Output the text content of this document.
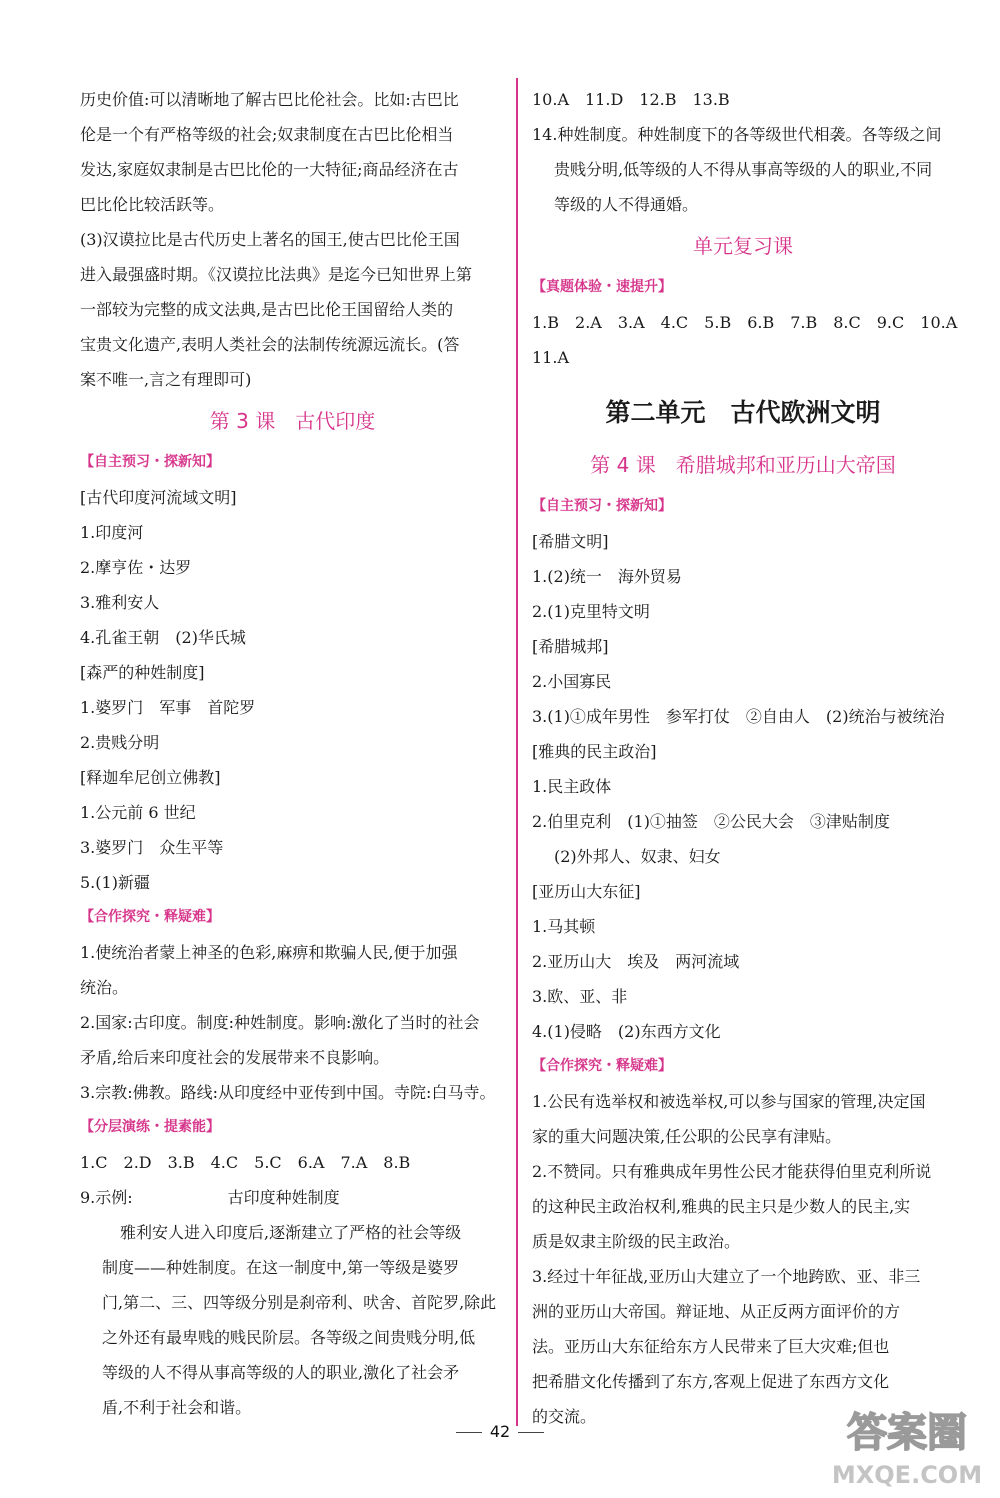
历史价值:可以清晰地了解古巴比伦社会。比如:古巴比
伦是一个有严格等级的社会;奴隶制度在古巴比伦相当
发达,家庭奴隶制是古巴比伦的一大特征;商品经济在古
巴比伦比较活跃等。
(3)汉谟拉比是古代历史上著名的国王,使古巴比伦王国
进入最强盛时期。《汉谟拉比法典》是迄今已知世界上第
一部较为完整的成文法典,是古巴比伦王国留给人类的
宝贵文化遗产,表明人类社会的法制传统源远流长。(答
案不唯一,言之有理即可)
第 3 课　古代印度
【自主预习・探新知】
[古代印度河流域文明]
1.印度河
2.摩亨佐・达罗
3.雅利安人
4.孔雀王朝　(2)华氏城
[森严的种姓制度]
1.婆罗门　军事　首陀罗
2.贵贱分明
[释迦牟尼创立佛教]
1.公元前 6 世纪
3.婆罗门　众生平等
5.(1)新疆
【合作探究・释疑难】
1.使统治者蒙上神圣的色彩,麻痹和欺骗人民,便于加强
统治。
2.国家:古印度。制度:种姓制度。影响:激化了当时的社会
矛盾,给后来印度社会的发展带来不良影响。
3.宗教:佛教。路线:从印度经中亚传到中国。寺院:白马寺。
【分层演练・提素能】
1.C　2.D　3.B　4.C　5.C　6.A　7.A　8.B
9.示例:	古印度种姓制度
雅利安人进入印度后,逐渐建立了严格的社会等级
制度——种姓制度。在这一制度中,第一等级是婆罗
门,第二、三、四等级分别是刹帝利、吠舍、首陀罗,除此
之外还有最卑贱的贱民阶层。各等级之间贵贱分明,低
等级的人不得从事高等级的人的职业,激化了社会矛
盾,不利于社会和谐。
10.A　11.D　12.B　13.B
14.种姓制度。种姓制度下的各等级世代相袭。各等级之间
贵贱分明,低等级的人不得从事高等级的人的职业,不同
等级的人不得通婚。
单元复习课
【真题体验・速提升】
1.B　2.A　3.A　4.C　5.B　6.B　7.B　8.C　9.C　10.A
11.A
第二单元　古代欧洲文明
第 4 课　希腊城邦和亚历山大帝国
【自主预习・探新知】
[希腊文明]
1.(2)统一　海外贸易
2.(1)克里特文明
[希腊城邦]
2.小国寡民
3.(1)①成年男性　参军打仗　②自由人　(2)统治与被统治
[雅典的民主政治]
1.民主政体
2.伯里克利　(1)①抽签　②公民大会　③津贴制度
(2)外邦人、奴隶、妇女
[亚历山大东征]
1.马其顿
2.亚历山大　埃及　两河流域
3.欧、亚、非
4.(1)侵略　(2)东西方文化
【合作探究・释疑难】
1.公民有选举权和被选举权,可以参与国家的管理,决定国
家的重大问题决策,任公职的公民享有津贴。
2.不赞同。只有雅典成年男性公民才能获得伯里克利所说
的这种民主政治权利,雅典的民主只是少数人的民主,实
质是奴隶主阶级的民主政治。
3.经过十年征战,亚历山大建立了一个地跨欧、亚、非三
洲的亚历山大帝国。辩证地、从正反两方面评价的方
法。亚历山大东征给东方人民带来了巨大灾难;但也
把希腊文化传播到了东方,客观上促进了东西方文化
的交流。
42	答案圈
MXQE.COM
